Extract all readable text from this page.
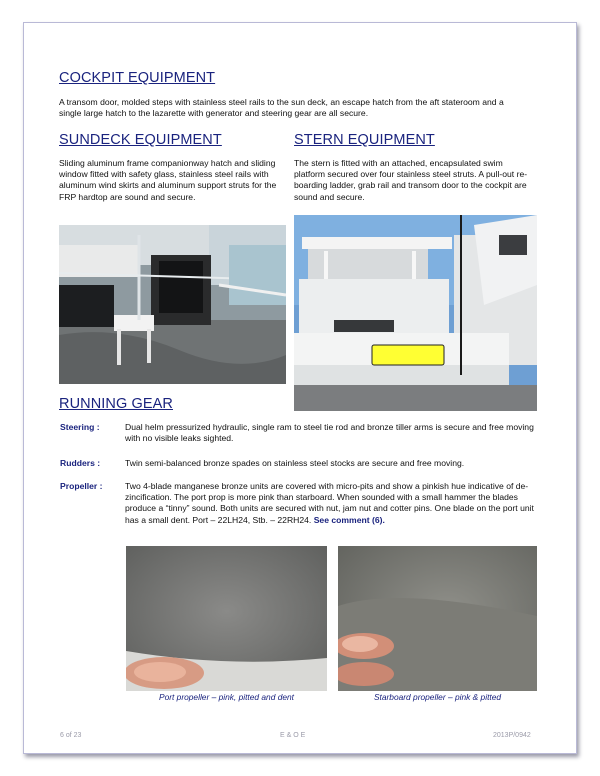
COCKPIT EQUIPMENT

A transom door, molded steps with stainless steel rails to the sun deck, an escape hatch from the aft stateroom and a single large hatch to the lazarette with generator and steering gear are all secure.

SUNDECK EQUIPMENT

Sliding aluminum frame companionway hatch and sliding window fitted with safety glass, stainless steel rails with aluminum wind skirts and aluminum support struts for the FRP hardtop are sound and secure.

STERN EQUIPMENT

The stern is fitted with an attached, encapsulated swim platform secured over four stainless steel struts. A pull-out re-boarding ladder, grab rail and transom door to the cockpit are sound and secure.

RUNNING GEAR
Steering :	Dual helm pressurized hydraulic, single ram to steel tie rod and bronze tiller arms is secure and free moving with no visible leaks sighted.
Rudders :	Twin semi-balanced bronze spades on stainless steel stocks are secure and free moving.
Propeller :	Two 4-blade manganese bronze units are covered with micro-pits and show a pinkish hue indicative of de-zincification. The port prop is more pink than starboard. When sounded with a small hammer the blades produce a “tinny” sound. Both units are secured with nut, jam nut and cotter pins. One blade on the port unit has a small dent. Port – 22LH24, Stb. – 22RH24. See comment (6).
Port propeller – pink, pitted and dent	Starboard propeller – pink & pitted
6 of 23	E & O E	2013P/0942
